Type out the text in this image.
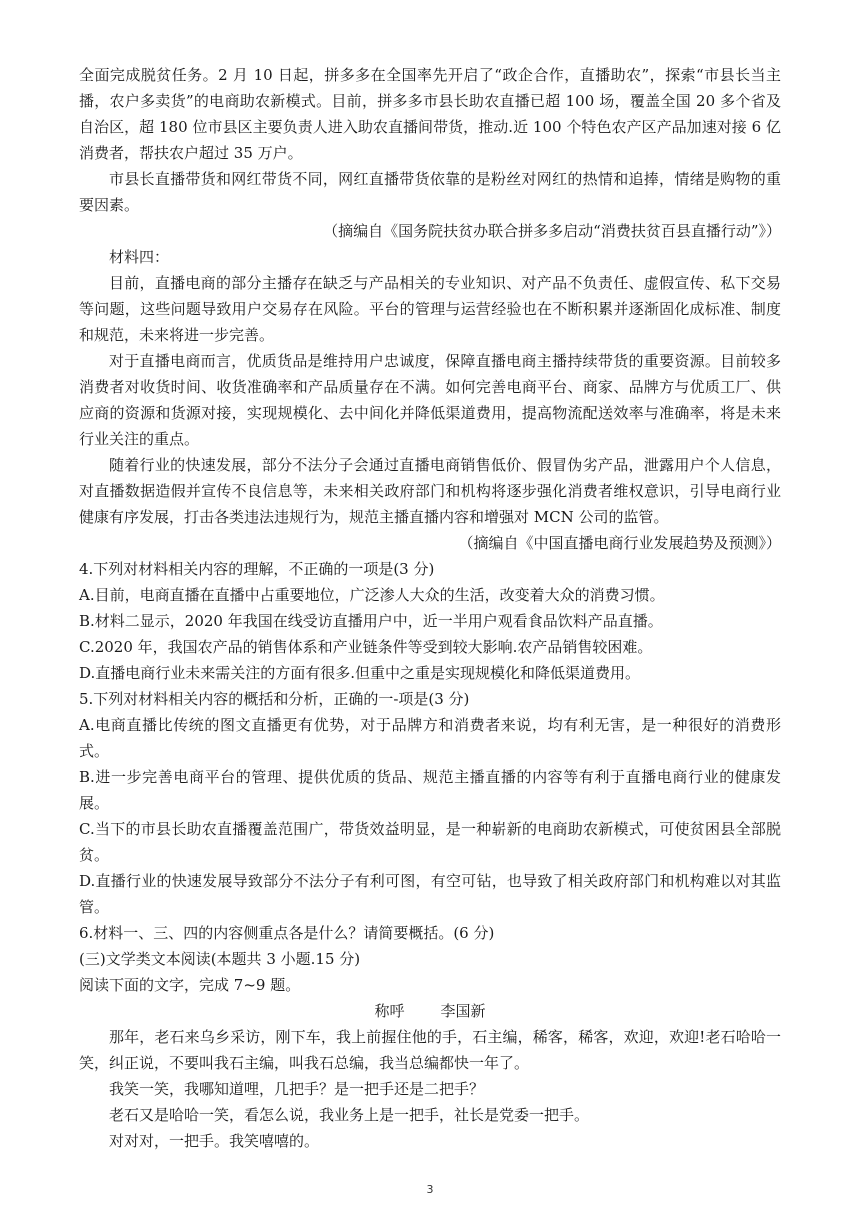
全面完成脱贫任务。2 月 10 日起，拼多多在全国率先开启了“政企合作，直播助农”，探索“市县长当主播，农户多卖货”的电商助农新模式。目前，拼多多市县长助农直播已超 100 场，覆盖全国 20 多个省及自治区，超 180 位市县区主要负责人进入助农直播间带货，推动.近 100 个特色农产区产品加速对接 6 亿消费者，帮扶农户超过 35 万户。

市县长直播带货和网红带货不同，网红直播带货依靠的是粉丝对网红的热情和追捧，情绪是购物的重要因素。

（摘编自《国务院扶贫办联合拼多多启动“消费扶贫百县直播行动”》）

材料四：

目前，直播电商的部分主播存在缺乏与产品相关的专业知识、对产品不负责任、虚假宣传、私下交易等问题，这些问题导致用户交易存在风险。平台的管理与运营经验也在不断积累并逐渐固化成标准、制度和规范，未来将进一步完善。

对于直播电商而言，优质货品是维持用户忠诚度，保障直播电商主播持续带货的重要资源。目前较多消费者对收货时间、收货准确率和产品质量存在不满。如何完善电商平台、商家、品牌方与优质工厂、供应商的资源和货源对接，实现规模化、去中间化并降低渠道费用，提高物流配送效率与准确率，将是未来行业关注的重点。

随着行业的快速发展，部分不法分子会通过直播电商销售低价、假冒伪劣产品，泄露用户个人信息，对直播数据造假并宣传不良信息等，未来相关政府部门和机构将逐步强化消费者维权意识，引导电商行业健康有序发展，打击各类违法违规行为，规范主播直播内容和增强对 MCN 公司的监管。

（摘编自《中国直播电商行业发展趋势及预测》）

4.下列对材料相关内容的理解，不正确的一项是(3 分)

A.目前，电商直播在直播中占重要地位，广泛渗人大众的生活，改变着大众的消费习惯。

B.材料二显示，2020 年我国在线受访直播用户中，近一半用户观看食品饮料产品直播。

C.2020 年，我国农产品的销售体系和产业链条件等受到较大影响.农产品销售较困难。

D.直播电商行业未来需关注的方面有很多.但重中之重是实现规模化和降低渠道费用。

5.下列对材料相关内容的概括和分析，正确的一-项是(3 分)

A.电商直播比传统的图文直播更有优势，对于品牌方和消费者来说，均有利无害，是一种很好的消费形式。

B.进一步完善电商平台的管理、提供优质的货品、规范主播直播的内容等有利于直播电商行业的健康发展。

C.当下的市县长助农直播覆盖范围广，带货效益明显，是一种崭新的电商助农新模式，可使贫困县全部脱贫。

D.直播行业的快速发展导致部分不法分子有利可图，有空可钻，也导致了相关政府部门和机构难以对其监管。

6.材料一、三、四的内容侧重点各是什么？请简要概括。(6 分)

(三)文学类文本阅读(本题共 3 小题.15 分)

阅读下面的文字，完成 7~9 题。

称呼 李国新

那年，老石来乌乡采访，刚下车，我上前握住他的手，石主编，稀客，稀客，欢迎，欢迎!老石哈哈一笑，纠正说，不要叫我石主编，叫我石总编，我当总编都快一年了。

我笑一笑，我哪知道哩，几把手？是一把手还是二把手？

老石又是哈哈一笑，看怎么说，我业务上是一把手，社长是党委一把手。

对对对，一把手。我笑嘻嘻的。

3
